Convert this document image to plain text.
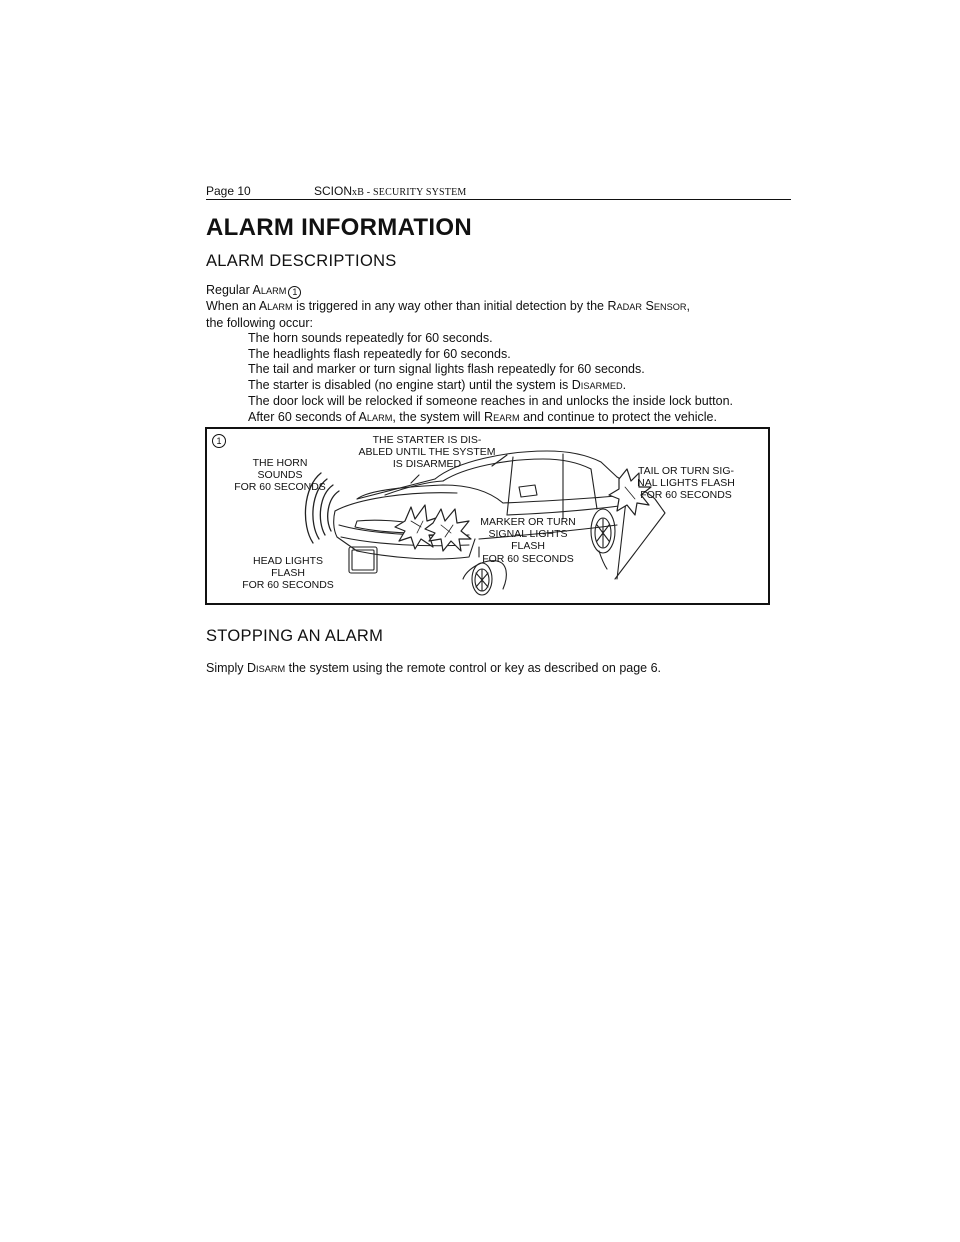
Page 10	SCIONxB - SECURITY SYSTEM
ALARM INFORMATION
ALARM DESCRIPTIONS
Regular ALARM 1
When an ALARM is triggered in any way other than initial detection by the RADAR SENSOR,
the following occur:
The horn sounds repeatedly for 60 seconds.
The headlights flash repeatedly for 60 seconds.
The tail and marker or turn signal lights flash repeatedly for 60 seconds.
The starter is disabled (no engine start) until the system is DISARMED.
The door lock will be relocked if someone reaches in and unlocks the inside lock button.
After 60 seconds of ALARM, the system will REARM and continue to protect the vehicle.
1
THE HORN
SOUNDS
FOR 60 SECONDS
THE STARTER IS DIS-
ABLED UNTIL THE SYSTEM
IS DISARMED
TAIL OR TURN SIG-
NAL LIGHTS FLASH
FOR 60 SECONDS
MARKER OR TURN
SIGNAL LIGHTS
FLASH
FOR 60 SECONDS
HEAD LIGHTS
FLASH
FOR 60 SECONDS
STOPPING AN ALARM
Simply DISARM the system using the remote control or key as described on page 6.
